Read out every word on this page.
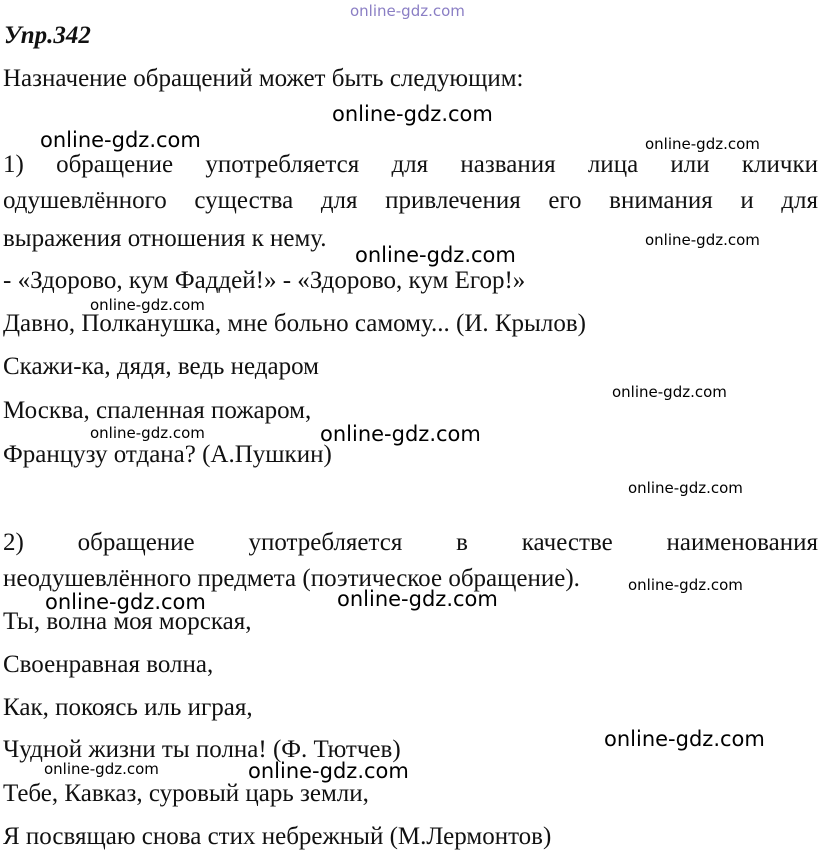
online-gdz.com
Упр.342
Назначение обращений может быть следующим:
online-gdz.com
online-gdz.com	online-gdz.com
1) обращение употребляется для названия лица или клички
одушевлённого существа для привлечения его внимания и для
выражения отношения к нему.	online-gdz.com
online-gdz.com
- «Здорово, кум Фаддей!» - «Здорово, кум Егор!»
online-gdz.com
Давно, Полканушка, мне больно самому... (И. Крылов)
Скажи-ка, дядя, ведь недаром
online-gdz.com
Москва, спаленная пожаром,
online-gdz.com	online-gdz.com
Французу отдана? (А.Пушкин)
online-gdz.com
2) обращение употребляется в качестве наименования
неодушевлённого предмета (поэтическое обращение).	online-gdz.com
online-gdz.com	online-gdz.com
Ты, волна моя морская,
Своенравная волна,
Как, покоясь иль играя,
online-gdz.com
Чудной жизни ты полна! (Ф. Тютчев)
online-gdz.com	online-gdz.com
Тебе, Кавказ, суровый царь земли,
Я посвящаю снова стих небрежный (М.Лермонтов)
